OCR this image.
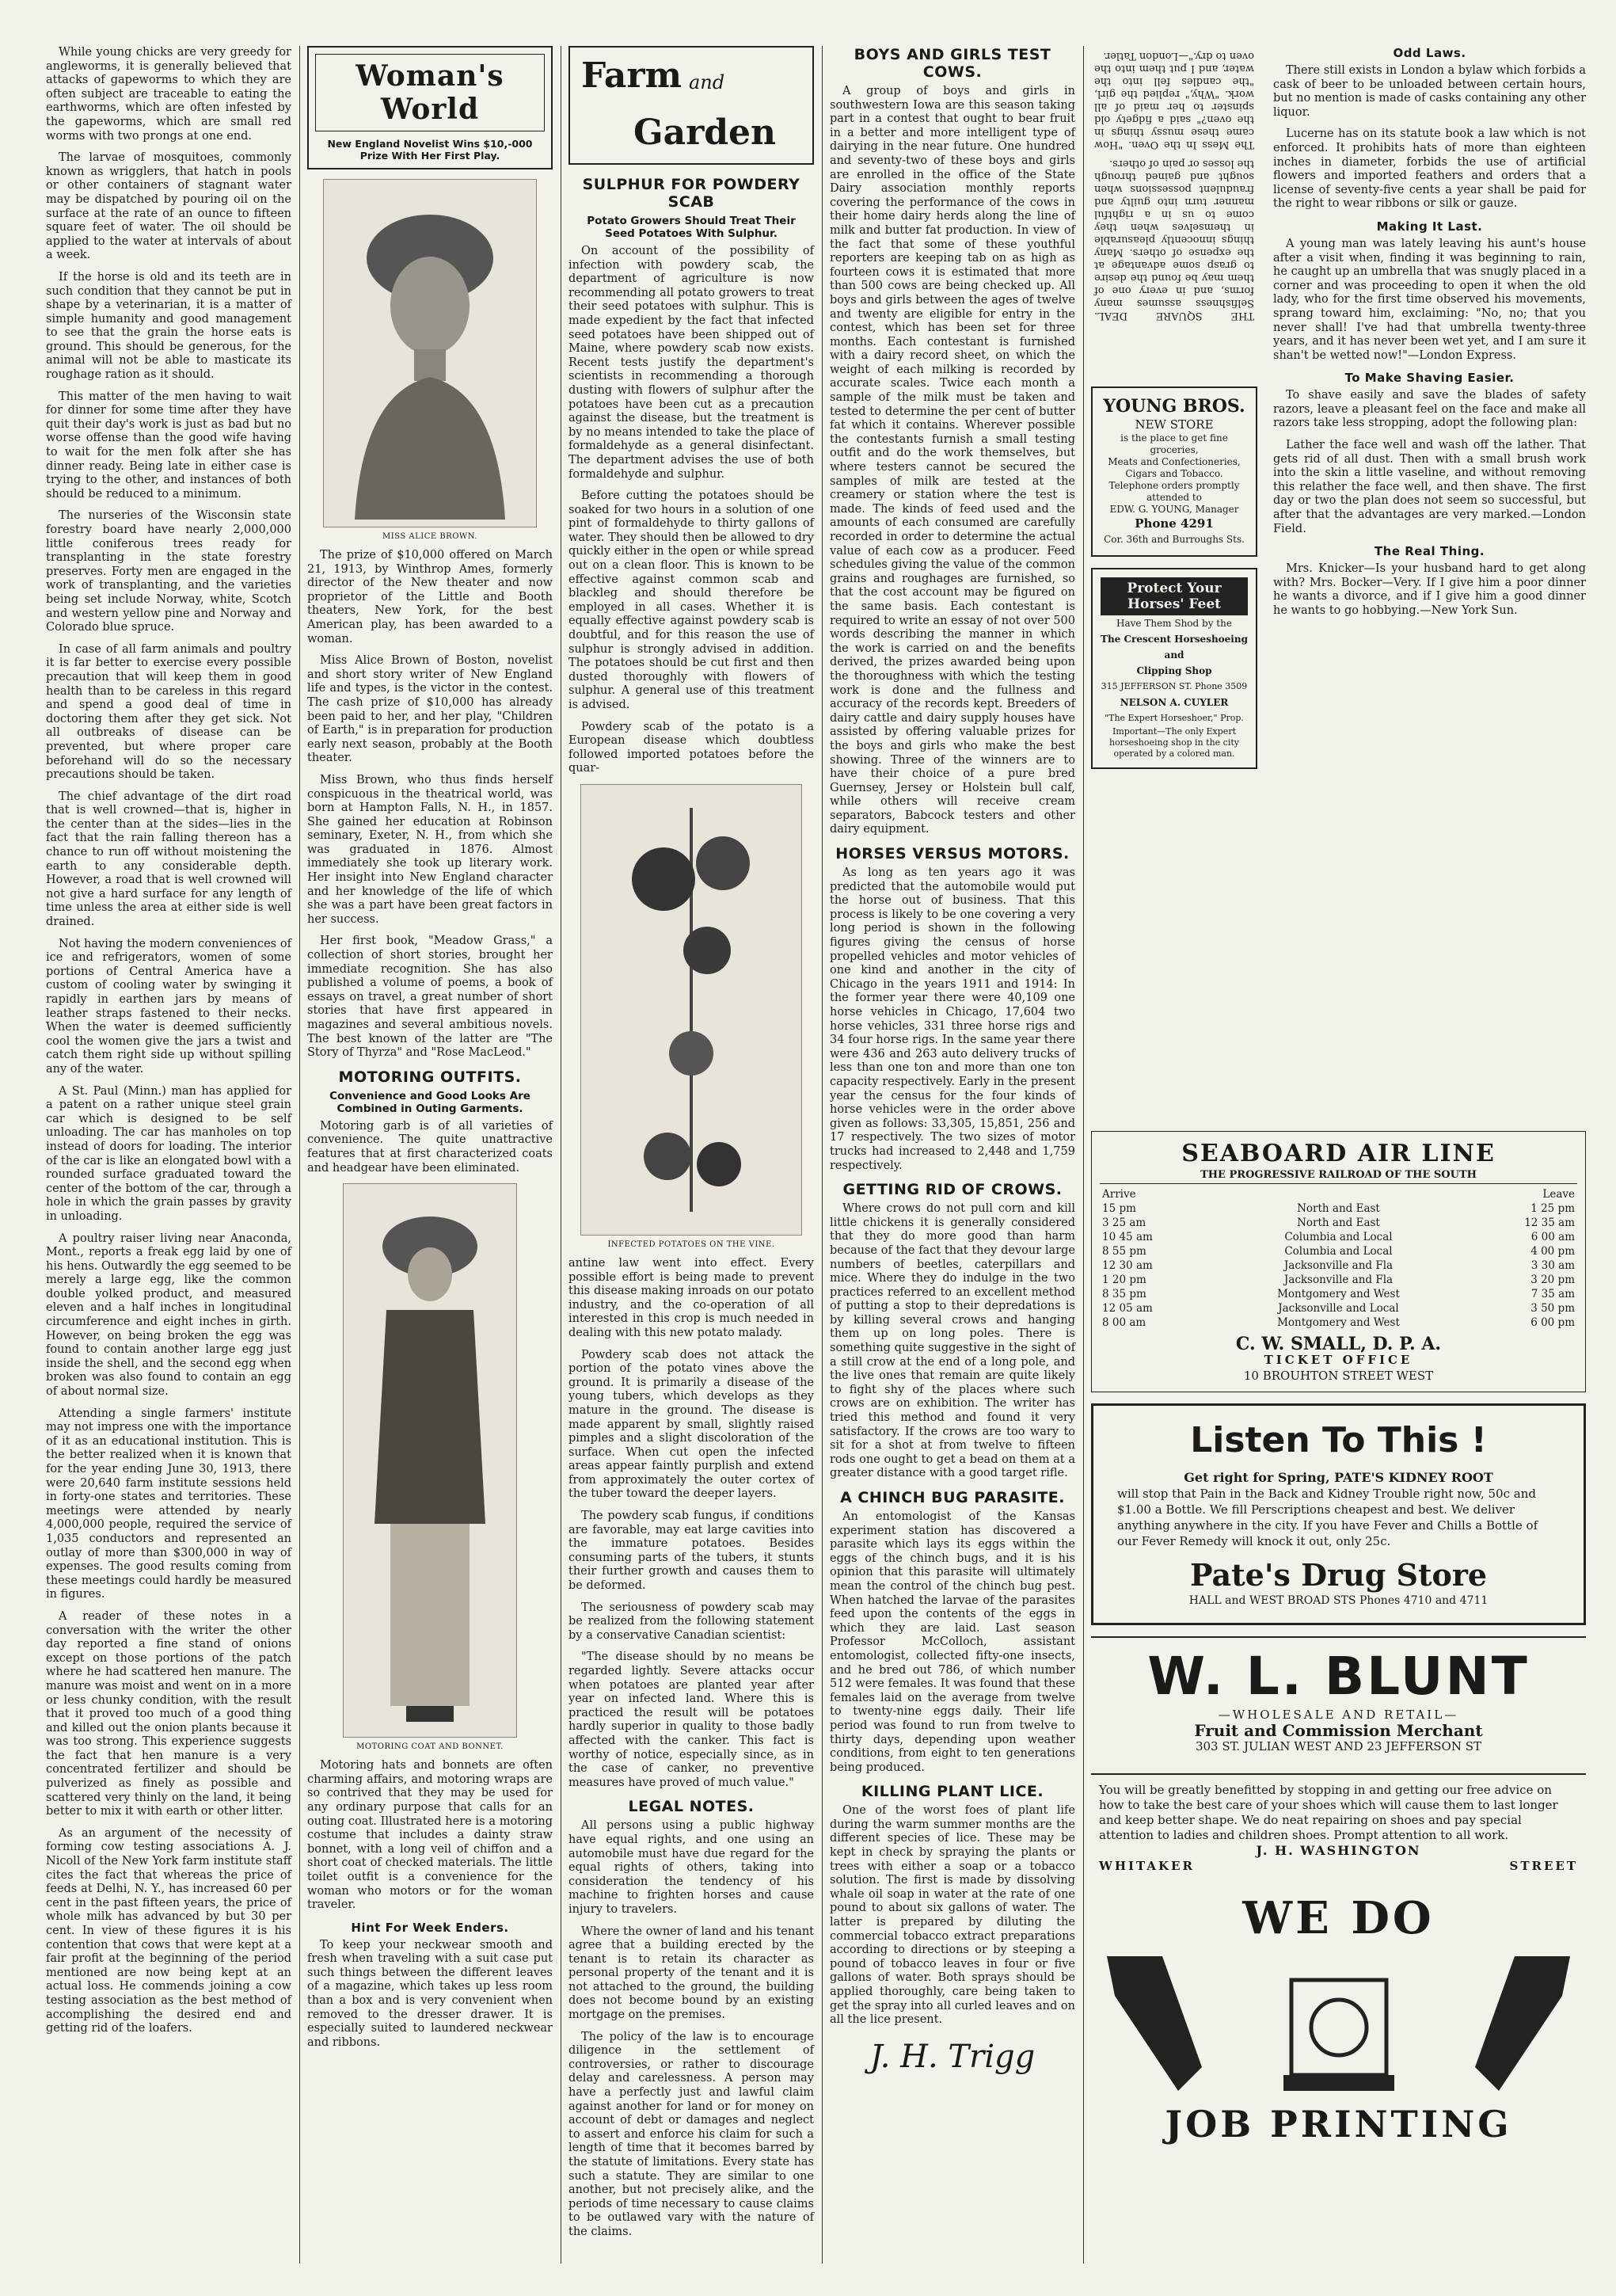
While young chicks are very greedy for angleworms, it is generally believed that attacks of gapeworms to which they are often subject are traceable to eating the earthworms, which are often infested by the gapeworms, which are small red worms with two prongs at one end.

The larvae of mosquitoes, commonly known as wrigglers, that hatch in pools or other containers of stagnant water may be dispatched by pouring oil on the surface at the rate of an ounce to fifteen square feet of water. The oil should be applied to the water at intervals of about a week.

If the horse is old and its teeth are in such condition that they cannot be put in shape by a veterinarian, it is a matter of simple humanity and good management to see that the grain the horse eats is ground. This should be generous, for the animal will not be able to masticate its roughage ration as it should.

This matter of the men having to wait for dinner for some time after they have quit their day's work is just as bad but no worse offense than the good wife having to wait for the men folk after she has dinner ready. Being late in either case is trying to the other, and instances of both should be reduced to a minimum.

The nurseries of the Wisconsin state forestry board have nearly 2,000,000 little coniferous trees ready for transplanting in the state forestry preserves. Forty men are engaged in the work of transplanting, and the varieties being set include Norway, white, Scotch and western yellow pine and Norway and Colorado blue spruce.

In case of all farm animals and poultry it is far better to exercise every possible precaution that will keep them in good health than to be careless in this regard and spend a good deal of time in doctoring them after they get sick. Not all outbreaks of disease can be prevented, but where proper care beforehand will do so the necessary precautions should be taken.

The chief advantage of the dirt road that is well crowned—that is, higher in the center than at the sides—lies in the fact that the rain falling thereon has a chance to run off without moistening the earth to any considerable depth. However, a road that is well crowned will not give a hard surface for any length of time unless the area at either side is well drained.

Not having the modern conveniences of ice and refrigerators, women of some portions of Central America have a custom of cooling water by swinging it rapidly in earthen jars by means of leather straps fastened to their necks. When the water is deemed sufficiently cool the women give the jars a twist and catch them right side up without spilling any of the water.

A St. Paul (Minn.) man has applied for a patent on a rather unique steel grain car which is designed to be self unloading. The car has manholes on top instead of doors for loading. The interior of the car is like an elongated bowl with a rounded surface graduated toward the center of the bottom of the car, through a hole in which the grain passes by gravity in unloading.

A poultry raiser living near Anaconda, Mont., reports a freak egg laid by one of his hens. Outwardly the egg seemed to be merely a large egg, like the common double yolked product, and measured eleven and a half inches in longitudinal circumference and eight inches in girth. However, on being broken the egg was found to contain another large egg just inside the shell, and the second egg when broken was also found to contain an egg of about normal size.

Attending a single farmers' institute may not impress one with the importance of it as an educational institution. This is the better realized when it is known that for the year ending June 30, 1913, there were 20,640 farm institute sessions held in forty-one states and territories. These meetings were attended by nearly 4,000,000 people, required the service of 1,035 conductors and represented an outlay of more than $300,000 in way of expenses. The good results coming from these meetings could hardly be measured in figures.

A reader of these notes in a conversation with the writer the other day reported a fine stand of onions except on those portions of the patch where he had scattered hen manure. The manure was moist and went on in a more or less chunky condition, with the result that it proved too much of a good thing and killed out the onion plants because it was too strong. This experience suggests the fact that hen manure is a very concentrated fertilizer and should be pulverized as finely as possible and scattered very thinly on the land, it being better to mix it with earth or other litter.

As an argument of the necessity of forming cow testing associations A. J. Nicoll of the New York farm institute staff cites the fact that whereas the price of feeds at Delhi, N. Y., has increased 60 per cent in the past fifteen years, the price of whole milk has advanced by but 30 per cent. In view of these figures it is his contention that cows that were kept at a fair profit at the beginning of the period mentioned are now being kept at an actual loss. He commends joining a cow testing association as the best method of accomplishing the desired end and getting rid of the loafers.

Woman's World
New England Novelist Wins $10,-000 Prize With Her First Play.
MISS ALICE BROWN.

The prize of $10,000 offered on March 21, 1913, by Winthrop Ames, formerly director of the New theater and now proprietor of the Little and Booth theaters, New York, for the best American play, has been awarded to a woman.

Miss Alice Brown of Boston, novelist and short story writer of New England life and types, is the victor in the contest. The cash prize of $10,000 has already been paid to her, and her play, "Children of Earth," is in preparation for production early next season, probably at the Booth theater.

Miss Brown, who thus finds herself conspicuous in the theatrical world, was born at Hampton Falls, N. H., in 1857. She gained her education at Robinson seminary, Exeter, N. H., from which she was graduated in 1876. Almost immediately she took up literary work. Her insight into New England character and her knowledge of the life of which she was a part have been great factors in her success.

Her first book, "Meadow Grass," a collection of short stories, brought her immediate recognition. She has also published a volume of poems, a book of essays on travel, a great number of short stories that have first appeared in magazines and several ambitious novels. The best known of the latter are "The Story of Thyrza" and "Rose MacLeod."

MOTORING OUTFITS.
Convenience and Good Looks Are Combined in Outing Garments.

Motoring garb is of all varieties of convenience. The quite unattractive features that at first characterized coats and headgear have been eliminated.

MOTORING COAT AND BONNET.

Motoring hats and bonnets are often charming affairs, and motoring wraps are so contrived that they may be used for any ordinary purpose that calls for an outing coat. Illustrated here is a motoring costume that includes a dainty straw bonnet, with a long veil of chiffon and a short coat of checked materials. The little toilet outfit is a convenience for the woman who motors or for the woman traveler.

Hint For Week Enders.

To keep your neckwear smooth and fresh when traveling with a suit case put such things between the different leaves of a magazine, which takes up less room than a box and is very convenient when removed to the dresser drawer. It is especially suited to laundered neckwear and ribbons.

Farm and
Garden
SULPHUR FOR POWDERY SCAB
Potato Growers Should Treat Their Seed Potatoes With Sulphur.

On account of the possibility of infection with powdery scab, the department of agriculture is now recommending all potato growers to treat their seed potatoes with sulphur. This is made expedient by the fact that infected seed potatoes have been shipped out of Maine, where powdery scab now exists. Recent tests justify the department's scientists in recommending a thorough dusting with flowers of sulphur after the potatoes have been cut as a precaution against the disease, but the treatment is by no means intended to take the place of formaldehyde as a general disinfectant. The department advises the use of both formaldehyde and sulphur.

Before cutting the potatoes should be soaked for two hours in a solution of one pint of formaldehyde to thirty gallons of water. They should then be allowed to dry quickly either in the open or while spread out on a clean floor. This is known to be effective against common scab and blackleg and should therefore be employed in all cases. Whether it is equally effective against powdery scab is doubtful, and for this reason the use of sulphur is strongly advised in addition. The potatoes should be cut first and then dusted thoroughly with flowers of sulphur. A general use of this treatment is advised.

Powdery scab of the potato is a European disease which doubtless followed imported potatoes before the quar-

INFECTED POTATOES ON THE VINE.

antine law went into effect. Every possible effort is being made to prevent this disease making inroads on our potato industry, and the co-operation of all interested in this crop is much needed in dealing with this new potato malady.

Powdery scab does not attack the portion of the potato vines above the ground. It is primarily a disease of the young tubers, which develops as they mature in the ground. The disease is made apparent by small, slightly raised pimples and a slight discoloration of the surface. When cut open the infected areas appear faintly purplish and extend from approximately the outer cortex of the tuber toward the deeper layers.

The powdery scab fungus, if conditions are favorable, may eat large cavities into the immature potatoes. Besides consuming parts of the tubers, it stunts their further growth and causes them to be deformed.

The seriousness of powdery scab may be realized from the following statement by a conservative Canadian scientist:

"The disease should by no means be regarded lightly. Severe attacks occur when potatoes are planted year after year on infected land. Where this is practiced the result will be potatoes hardly superior in quality to those badly affected with the canker. This fact is worthy of notice, especially since, as in the case of canker, no preventive measures have proved of much value."

LEGAL NOTES.

All persons using a public highway have equal rights, and one using an automobile must have due regard for the equal rights of others, taking into consideration the tendency of his machine to frighten horses and cause injury to travelers.

Where the owner of land and his tenant agree that a building erected by the tenant is to retain its character as personal property of the tenant and it is not attached to the ground, the building does not become bound by an existing mortgage on the premises.

The policy of the law is to encourage diligence in the settlement of controversies, or rather to discourage delay and carelessness. A person may have a perfectly just and lawful claim against another for land or for money on account of debt or damages and neglect to assert and enforce his claim for such a length of time that it becomes barred by the statute of limitations. Every state has such a statute. They are similar to one another, but not precisely alike, and the periods of time necessary to cause claims to be outlawed vary with the nature of the claims.

BOYS AND GIRLS TEST COWS.

A group of boys and girls in southwestern Iowa are this season taking part in a contest that ought to bear fruit in a better and more intelligent type of dairying in the near future. One hundred and seventy-two of these boys and girls are enrolled in the office of the State Dairy association monthly reports covering the performance of the cows in their home dairy herds along the line of milk and butter fat production. In view of the fact that some of these youthful reporters are keeping tab on as high as fourteen cows it is estimated that more than 500 cows are being checked up. All boys and girls between the ages of twelve and twenty are eligible for entry in the contest, which has been set for three months. Each contestant is furnished with a dairy record sheet, on which the weight of each milking is recorded by accurate scales. Twice each month a sample of the milk must be taken and tested to determine the per cent of butter fat which it contains. Wherever possible the contestants furnish a small testing outfit and do the work themselves, but where testers cannot be secured the samples of milk are tested at the creamery or station where the test is made. The kinds of feed used and the amounts of each consumed are carefully recorded in order to determine the actual value of each cow as a producer. Feed schedules giving the value of the common grains and roughages are furnished, so that the cost account may be figured on the same basis. Each contestant is required to write an essay of not over 500 words describing the manner in which the work is carried on and the benefits derived, the prizes awarded being upon the thoroughness with which the testing work is done and the fullness and accuracy of the records kept. Breeders of dairy cattle and dairy supply houses have assisted by offering valuable prizes for the boys and girls who make the best showing. Three of the winners are to have their choice of a pure bred Guernsey, Jersey or Holstein bull calf, while others will receive cream separators, Babcock testers and other dairy equipment.

HORSES VERSUS MOTORS.

As long as ten years ago it was predicted that the automobile would put the horse out of business. That this process is likely to be one covering a very long period is shown in the following figures giving the census of horse propelled vehicles and motor vehicles of one kind and another in the city of Chicago in the years 1911 and 1914: In the former year there were 40,109 one horse vehicles in Chicago, 17,604 two horse vehicles, 331 three horse rigs and 34 four horse rigs. In the same year there were 436 and 263 auto delivery trucks of less than one ton and more than one ton capacity respectively. Early in the present year the census for the four kinds of horse vehicles were in the order above given as follows: 33,305, 15,851, 256 and 17 respectively. The two sizes of motor trucks had increased to 2,448 and 1,759 respectively.

GETTING RID OF CROWS.

Where crows do not pull corn and kill little chickens it is generally considered that they do more good than harm because of the fact that they devour large numbers of beetles, caterpillars and mice. Where they do indulge in the two practices referred to an excellent method of putting a stop to their depredations is by killing several crows and hanging them up on long poles. There is something quite suggestive in the sight of a still crow at the end of a long pole, and the live ones that remain are quite likely to fight shy of the places where such crows are on exhibition. The writer has tried this method and found it very satisfactory. If the crows are too wary to sit for a shot at from twelve to fifteen rods one ought to get a bead on them at a greater distance with a good target rifle.

A CHINCH BUG PARASITE.

An entomologist of the Kansas experiment station has discovered a parasite which lays its eggs within the eggs of the chinch bugs, and it is his opinion that this parasite will ultimately mean the control of the chinch bug pest. When hatched the larvae of the parasites feed upon the contents of the eggs in which they are laid. Last season Professor McColloch, assistant entomologist, collected fifty-one insects, and he bred out 786, of which number 512 were females. It was found that these females laid on the average from twelve to twenty-nine eggs daily. Their life period was found to run from twelve to thirty days, depending upon weather conditions, from eight to ten generations being produced.

KILLING PLANT LICE.

One of the worst foes of plant life during the warm summer months are the different species of lice. These may be kept in check by spraying the plants or trees with either a soap or a tobacco solution. The first is made by dissolving whale oil soap in water at the rate of one pound to about six gallons of water. The latter is prepared by diluting the commercial tobacco extract preparations according to directions or by steeping a pound of tobacco leaves in four or five gallons of water. Both sprays should be applied thoroughly, care being taken to get the spray into all curled leaves and on all the lice present.

J. H. Trigg
The Mess In the Oven. "How came these mussy things in the oven?" said a fidgety old spinster to her maid of all work. "Why," replied the girl, "the candles fell into the water, and I put them into the oven to dry."—London Tatler.
THE SQUARE DEAL. Selfishness assumes many forms, and in every one of them may be found the desire to grasp some advantage at the expense of others. Many things innocently pleasurable in themselves when they come to us in a rightful manner turn into guilty and fraudulent possessions when sought and gained through the losses or pain of others.
Odd Laws.

There still exists in London a bylaw which forbids a cask of beer to be unloaded between certain hours, but no mention is made of casks containing any other liquor.

Lucerne has on its statute book a law which is not enforced. It prohibits hats of more than eighteen inches in diameter, forbids the use of artificial flowers and imported feathers and orders that a license of seventy-five cents a year shall be paid for the right to wear ribbons or silk or gauze.

Making It Last.

A young man was lately leaving his aunt's house after a visit when, finding it was beginning to rain, he caught up an umbrella that was snugly placed in a corner and was proceeding to open it when the old lady, who for the first time observed his movements, sprang toward him, exclaiming: "No, no; that you never shall! I've had that umbrella twenty-three years, and it has never been wet yet, and I am sure it shan't be wetted now!"—London Express.

To Make Shaving Easier.

To shave easily and save the blades of safety razors, leave a pleasant feel on the face and make all razors take less stropping, adopt the following plan:

Lather the face well and wash off the lather. That gets rid of all dust. Then with a small brush work into the skin a little vaseline, and without removing this relather the face well, and then shave. The first day or two the plan does not seem so successful, but after that the advantages are very marked.—London Field.

The Real Thing.

Mrs. Knicker—Is your husband hard to get along with? Mrs. Bocker—Very. If I give him a poor dinner he wants a divorce, and if I give him a good dinner he wants to go hobbying.—New York Sun.

YOUNG BROS.
NEW STORE
is the place to get fine groceries,
Meats and Confectioneries,
Cigars and Tobacco.
Telephone orders promptly attended to
EDW. G. YOUNG, Manager
Phone 4291
Cor. 36th and Burroughs Sts.
Protect Your Horses' Feet
Have Them Shod by the
The Crescent Horseshoeing and
Clipping Shop
315 JEFFERSON ST. Phone 3509
NELSON A. CUYLER
"The Expert Horseshoer," Prop.
Important—The only Expert horseshoeing shop in the city operated by a colored man.
SEABOARD AIR LINE
THE PROGRESSIVE RAILROAD OF THE SOUTH
Arrive		Leave
15 pm	North and East	1 25 pm
3 25 am	North and East	12 35 am
10 45 am	Columbia and Local	6 00 am
8 55 pm	Columbia and Local	4 00 pm
12 30 am	Jacksonville and Fla	3 30 am
1 20 pm	Jacksonville and Fla	3 20 pm
8 35 pm	Montgomery and West	7 35 am
12 05 am	Jacksonville and Local	3 50 pm
8 00 am	Montgomery and West	6 00 pm
C. W. SMALL, D. P. A.
TICKET OFFICE
10 BROUHTON STREET WEST
Listen To This !
Get right for Spring, PATE'S KIDNEY ROOT
will stop that Pain in the Back and Kidney Trouble right now, 50c and $1.00 a Bottle. We fill Perscriptions cheapest and best. We deliver anything anywhere in the city. If you have Fever and Chills a Bottle of our Fever Remedy will knock it out, only 25c.
Pate's Drug Store
HALL and WEST BROAD STS Phones 4710 and 4711
W. L. BLUNT
—WHOLESALE AND RETAIL—
Fruit and Commission Merchant
303 ST. JULIAN WEST AND 23 JEFFERSON ST
You will be greatly benefitted by stopping in and getting our free advice on how to take the best care of your shoes which will cause them to last longer and keep better shape. We do neat repairing on shoes and pay special attention to ladies and children shoes. Prompt attention to all work.
J. H. WASHINGTON
WHITAKER	STREET
WE DO
JOB PRINTING
